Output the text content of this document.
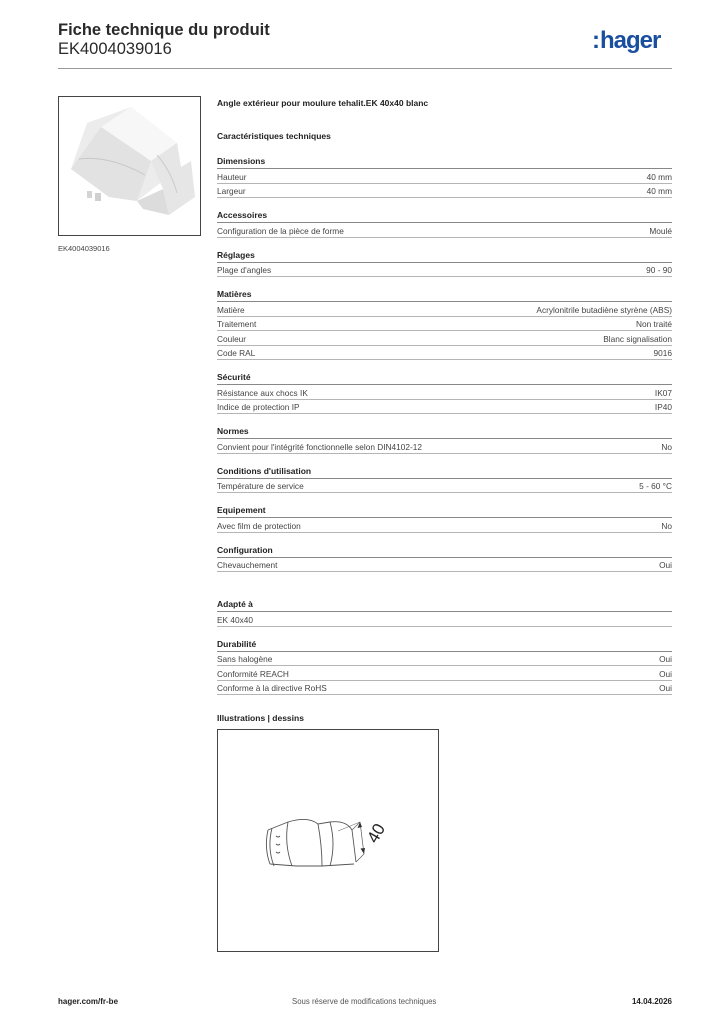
Fiche technique du produit
EK4004039016	:hager
EK4004039016
Angle extérieur pour moulure tehalit.EK 40x40 blanc
Caractéristiques techniques
Dimensions
Hauteur	40 mm
Largeur	40 mm
Accessoires
Configuration de la pièce de forme	Moulé
Réglages
Plage d'angles	90 - 90
Matières
Matière	Acrylonitrile butadiène styrène (ABS)
Traitement	Non traité
Couleur	Blanc signalisation
Code RAL	9016
Sécurité
Résistance aux chocs IK	IK07
Indice de protection IP	IP40
Normes
Convient pour l'intégrité fonctionnelle selon DIN4102-12	No
Conditions d'utilisation
Température de service	5 - 60 °C
Equipement
Avec film de protection	No
Configuration
Chevauchement	Oui
Adapté à
EK 40x40
Durabilité
Sans halogène	Oui
Conformité REACH	Oui
Conforme à la directive RoHS	Oui
Illustrations | dessins
40
hager.com/fr-be	Sous réserve de modifications techniques	14.04.2026
